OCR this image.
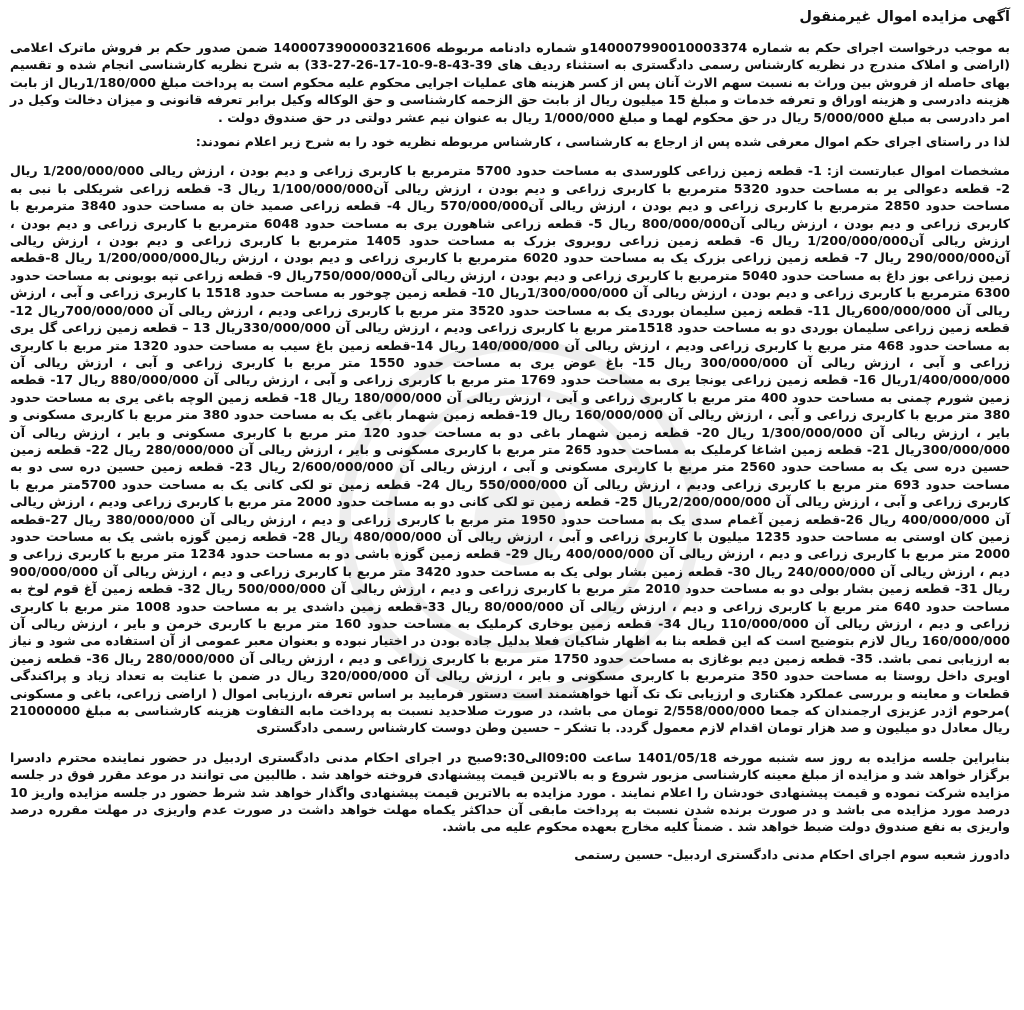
آگهی مزایده اموال غیرمنقول

به موجب درخواست اجرای حکم به شماره 140007990010003374و شماره دادنامه مربوطه 140007390000321606 ضمن صدور حکم بر فروش ماترک اعلامی (اراضی و املاک مندرج در نظریه کارشناس رسمی دادگستری به استثناء ردیف های 39-43-8-9-10-17-26-27-33) به شرح نظریه کارشناسی انجام شده و تقسیم بهای حاصله از فروش بین وراث به نسبت سهم الارث آنان پس از کسر هزینه های عملیات اجرایی محکوم علیه محکوم است به پرداخت مبلغ 1/180/000ریال از بابت هزینه دادرسی و هزینه اوراق و تعرفه خدمات و مبلغ 15 میلیون ریال از بابت حق الزحمه کارشناسی و حق الوکاله وکیل برابر تعرفه قانونی و میزان دخالت وکیل در امر دادرسی به مبلغ 5/000/000 ریال در حق محکوم لهما و مبلغ 1/000/000 ریال به عنوان نیم عشر دولتی در حق صندوق دولت .

لذا در راستای اجرای حکم اموال معرفی شده پس از ارجاع به کارشناسی ، کارشناس مربوطه نظریه خود را به شرح زیر اعلام نمودند:

مشخصات اموال عبارتست از: 1- قطعه زمین زراعی کلورسدی به مساحت حدود 5700 مترمربع با کاربری زراعی و دیم بودن ، ارزش ریالی 1/200/000/000 ریال 2- قطعه دعوالی یر به مساحت حدود 5320 مترمربع با کاربری زراعی و دیم بودن ، ارزش ریالی آن1/100/000/000 ریال 3- قطعه زراعی شریکلی با نبی به مساحت حدود 2850 مترمربع با کاربری زراعی و دیم بودن ، ارزش ریالی آن570/000/000 ریال 4- قطعه زراعی صمید خان به مساحت حدود 3840 مترمربع با کاربری زراعی و دیم بودن ، ارزش ریالی آن800/000/000 ریال 5- قطعه زراعی شاهورن یری به مساحت حدود 6048 مترمربع با کاربری زراعی و دیم بودن ، ارزش ریالی آن1/200/000/000 ریال 6- قطعه زمین زراعی روبروی بزرک به مساحت حدود 1405 مترمربع با کاربری زراعی و دیم بودن ، ارزش ریالی آن290/000/000 ریال 7- قطعه زمین زراعی بزرک یک به مساحت حدود 6020 مترمربع با کاربری زراعی و دیم بودن ، ارزش ریال1/200/000/000 ریال 8-قطعه زمین زراعی بوز داغ به مساحت حدود 5040 مترمربع با کاربری زراعی و دیم بودن ، ارزش ریالی آن750/000/000ریال 9- قطعه زراعی تپه بوبونی به مساحت حدود 6300 مترمربع با کاربری زراعی و دیم بودن ، ارزش ریالی آن 1/300/000/000ریال 10- قطعه زمین چوخور به مساحت حدود 1518 با کاربری زراعی و آبی ، ارزش ریالی آن 600/000/000ریال 11- قطعه زمین سلیمان بوردی یک به مساحت حدود 3520 متر مربع با کاربری زراعی ودیم ، ارزش ریالی آن 700/000/000ریال 12- قطعه زمین زراعی سلیمان بوردی دو به مساحت حدود 1518متر مربع با کاربری زراعی ودیم ، ارزش ریالی آن 330/000/000ریال 13 – قطعه زمین زراعی گل یری به مساحت حدود 468 متر مربع با کاربری زراعی ودیم ، ارزش ریالی آن 140/000/000 ریال 14-قطعه زمین باغ سیب به مساحت حدود 1320 متر مربع با کاربری زراعی و آبی ، ارزش ریالی آن 300/000/000 ریال 15- باغ عوض یری به مساحت حدود 1550 متر مربع با کاربری زراعی و آبی ، ارزش ریالی آن 1/400/000/000ریال 16- قطعه زمین زراعی یونجا یری به مساحت حدود 1769 متر مربع با کاربری زراعی و آبی ، ارزش ریالی آن 880/000/000 ریال 17- قطعه زمین شورم چمنی به مساحت حدود 400 متر مربع با کاربری زراعی و آبی ، ارزش ریالی آن 180/000/000 ریال 18- قطعه زمین الوچه باغی یری به مساحت حدود 380 متر مربع با کاربری زراعی و آبی ، ارزش ریالی آن 160/000/000 ریال 19-قطعه زمین شهمار باغی یک به مساحت حدود 380 متر مربع با کاربری مسکونی و بایر ، ارزش ریالی آن 1/300/000/000 ریال 20- قطعه زمین شهمار باغی دو به مساحت حدود 120 متر مربع با کاربری مسکونی و بایر ، ارزش ریالی آن 300/000/000ریال 21- قطعه زمین اشاغا کرملیک به مساحت حدود 265 متر مربع با کاربری مسکونی و بایر ، ارزش ریالی آن 280/000/000 ریال 22- قطعه زمین حسین دره سی یک به مساحت حدود 2560 متر مربع با کاربری مسکونی و آبی ، ارزش ریالی آن 2/600/000/000 ریال 23- قطعه زمین حسین دره سی دو به مساحت حدود 693 متر مربع با کاربری زراعی ودیم ، ارزش ریالی آن 550/000/000 ریال 24- قطعه زمین تو لکی کانی یک به مساحت حدود 5700متر مربع با کاربری زراعی و آبی ، ارزش ریالی آن 2/200/000/000ریال 25- قطعه زمین تو لکی کانی دو به مساحت حدود 2000 متر مربع با کاربری زراعی ودیم ، ارزش ریالی آن 400/000/000 ریال 26-قطعه زمین آغمام سدی یک به مساحت حدود 1950 متر مربع با کاربری زراعی و دیم ، ارزش ریالی آن 380/000/000 ریال 27-قطعه زمین کان اوستی به مساحت حدود 1235 میلیون با کاربری زراعی و آبی ، ارزش ریالی آن 480/000/000 ریال 28- قطعه زمین گوزه باشی یک به مساحت حدود 2000 متر مربع با کاربری زراعی و دیم ، ارزش ریالی آن 400/000/000 ریال 29- قطعه زمین گوزه باشی دو به مساحت حدود 1234 متر مربع با کاربری زراعی و دیم ، ارزش ریالی آن 240/000/000 ریال 30- قطعه زمین بشار بولی یک به مساحت حدود 3420 متر مربع با کاربری زراعی و دیم ، ارزش ریالی آن 900/000/000 ریال 31- قطعه زمین بشار بولی دو به مساحت حدود 2010 متر مربع با کاربری زراعی و دیم ، ارزش ریالی آن 500/000/000 ریال 32- قطعه زمین آغ قوم لوخ به مساحت حدود 640 متر مربع با کاربری زراعی و دیم ، ارزش ریالی آن 80/000/000 ریال 33-قطعه زمین داشدی یر به مساحت حدود 1008 متر مربع با کاربری زراعی و دیم ، ارزش ریالی آن 110/000/000 ریال 34- قطعه زمین یوخاری کرملیک به مساحت حدود 160 متر مربع با کاربری خرمن و بایر ، ارزش ریالی آن 160/000/000 ریال لازم بتوضیح است که این قطعه بنا به اظهار شاکیان فعلا بدلیل جاده بودن در اختیار نبوده و بعنوان معبر عمومی از آن استفاده می شود و نیاز به ارزیابی نمی باشد. 35- قطعه زمین دیم بوغازی به مساحت حدود 1750 متر مربع با کاربری زراعی و دیم ، ارزش ریالی آن 280/000/000 ریال 36- قطعه زمین اویری داخل روستا به مساحت حدود 350 مترمربع با کاربری مسکونی و بایر ، ارزش ریالی آن 320/000/000 ریال در ضمن با عنایت به تعداد زیاد و پراکندگی قطعات و معاینه و بررسی عملکرد هکتاری و ارزیابی تک تک آنها خواهشمند است دستور فرمایید بر اساس تعرفه ،ارزیابی اموال ( اراضی زراعی، باغی و مسکونی )مرحوم اژدر عزیزی ارجمندان که جمعا 2/558/000/000 تومان می باشد، در صورت صلاحدید نسبت به پرداخت مابه التفاوت هزینه کارشناسی به مبلغ 21000000 ریال معادل دو میلیون و صد هزار تومان اقدام لازم معمول گردد. با تشکر – حسین وطن دوست کارشناس رسمی دادگستری

بنابراین جلسه مزایده به روز سه شنبه مورخه 1401/05/18 ساعت 09:00الی9:30صبح در اجرای احکام مدنی دادگستری اردبیل در حضور نماینده محترم دادسرا برگزار خواهد شد و مزایده از مبلغ معینه کارشناسی مزبور شروع و به بالاترین قیمت پیشنهادی فروخته خواهد شد . طالبین می توانند در موعد مقرر فوق در جلسه مزایده شرکت نموده و قیمت پیشنهادی خودشان را اعلام نمایند . مورد مزایده به بالاترین قیمت پیشنهادی واگذار خواهد شد شرط حضور در جلسه مزایده واریز 10 درصد مورد مزایده می باشد و در صورت برنده شدن نسبت به پرداخت مابقی آن حداکثر یکماه مهلت خواهد داشت در صورت عدم واریزی در مهلت مقرره درصد واریزی به نفع صندوق دولت ضبط خواهد شد . ضمناً کلیه مخارج بعهده محکوم علیه می باشد.

دادورز شعبه سوم اجرای احکام مدنی دادگستری اردبیل- حسین رستمی
